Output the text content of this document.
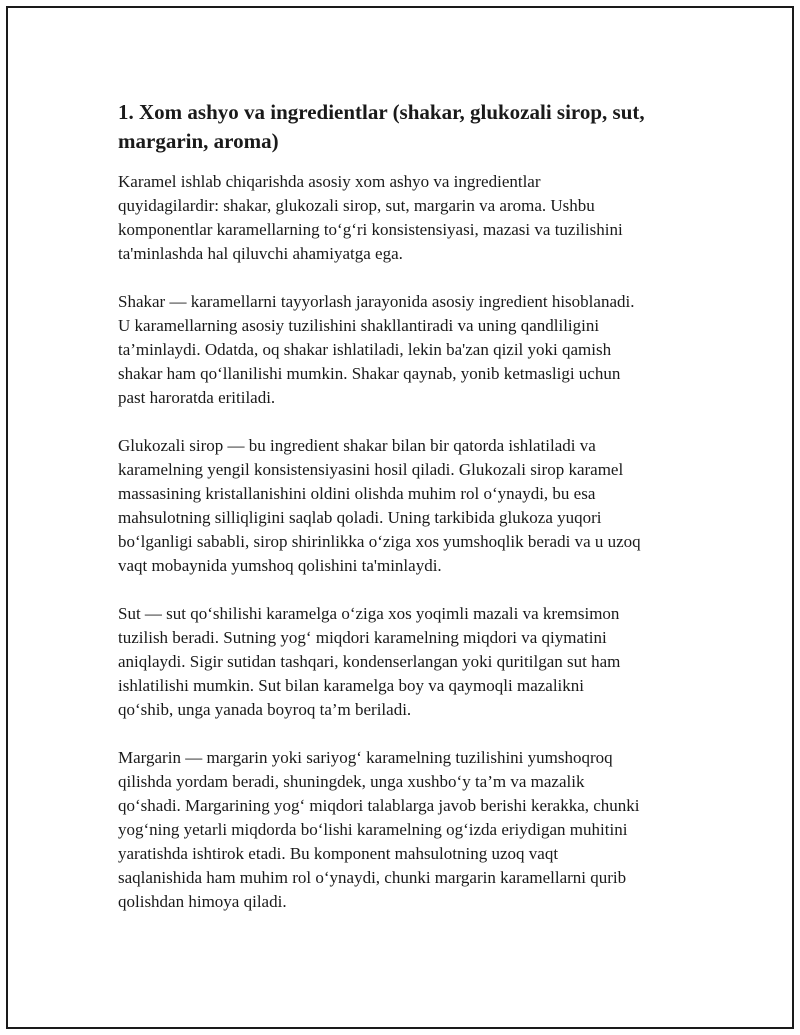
1. Xom ashyo va ingredientlar (shakar, glukozali sirop, sut,
margarin, aroma)
Karamel ishlab chiqarishda asosiy xom ashyo va ingredientlar
quyidagilardir: shakar, glukozali sirop, sut, margarin va aroma. Ushbu
komponentlar karamellarning to‘g‘ri konsistensiyasi, mazasi va tuzilishini
ta'minlashda hal qiluvchi ahamiyatga ega.
Shakar — karamellarni tayyorlash jarayonida asosiy ingredient hisoblanadi.
U karamellarning asosiy tuzilishini shakllantiradi va uning qandliligini
ta’minlaydi. Odatda, oq shakar ishlatiladi, lekin ba'zan qizil yoki qamish
shakar ham qo‘llanilishi mumkin. Shakar qaynab, yonib ketmasligi uchun
past haroratda eritiladi.
Glukozali sirop — bu ingredient shakar bilan bir qatorda ishlatiladi va
karamelning yengil konsistensiyasini hosil qiladi. Glukozali sirop karamel
massasining kristallanishini oldini olishda muhim rol o‘ynaydi, bu esa
mahsulotning silliqligini saqlab qoladi. Uning tarkibida glukoza yuqori
bo‘lganligi sababli, sirop shirinlikka o‘ziga xos yumshoqlik beradi va u uzoq
vaqt mobaynida yumshoq qolishini ta'minlaydi.
Sut — sut qo‘shilishi karamelga o‘ziga xos yoqimli mazali va kremsimon
tuzilish beradi. Sutning yog‘ miqdori karamelning miqdori va qiymatini
aniqlaydi. Sigir sutidan tashqari, kondenserlangan yoki quritilgan sut ham
ishlatilishi mumkin. Sut bilan karamelga boy va qaymoqli mazalikni
qo‘shib, unga yanada boyroq ta’m beriladi.
Margarin — margarin yoki sariyog‘ karamelning tuzilishini yumshoqroq
qilishda yordam beradi, shuningdek, unga xushbo‘y ta’m va mazalik
qo‘shadi. Margarining yog‘ miqdori talablarga javob berishi kerakka, chunki
yog‘ning yetarli miqdorda bo‘lishi karamelning og‘izda eriydigan muhitini
yaratishda ishtirok etadi. Bu komponent mahsulotning uzoq vaqt
saqlanishida ham muhim rol o‘ynaydi, chunki margarin karamellarni qurib
qolishdan himoya qiladi.
